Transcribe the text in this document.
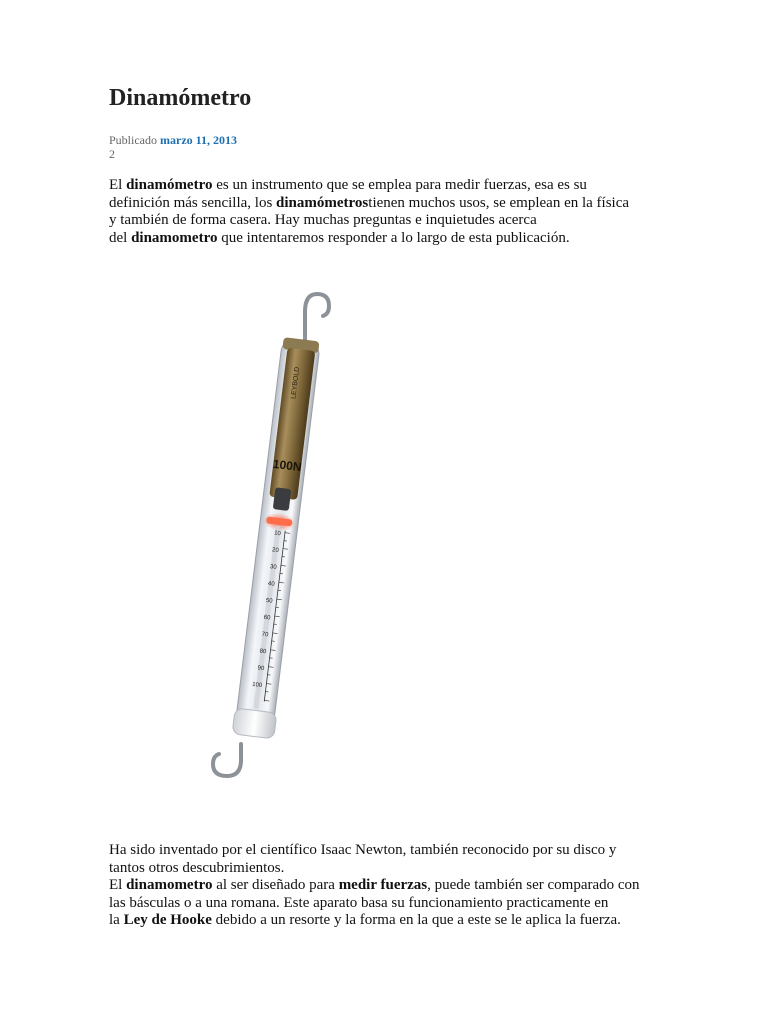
Dinamómetro
Publicado marzo 11, 2013
2
El dinamómetro es un instrumento que se emplea para medir fuerzas, esa es su
definición más sencilla, los dinamómetrostienen muchos usos, se emplean en la física
y también de forma casera. Hay muchas preguntas e inquietudes acerca
del dinamometro que intentaremos responder a lo largo de esta publicación.
Ha sido inventado por el científico Isaac Newton, también reconocido por su disco y
tantos otros descubrimientos.
El dinamometro al ser diseñado para medir fuerzas, puede también ser comparado con
las básculas o a una romana. Este aparato basa su funcionamiento practicamente en
la Ley de Hooke debido a un resorte y la forma en la que a este se le aplica la fuerza.
LEYBOLD
100N
10
20
30
40
50
60
70
80
90
100
